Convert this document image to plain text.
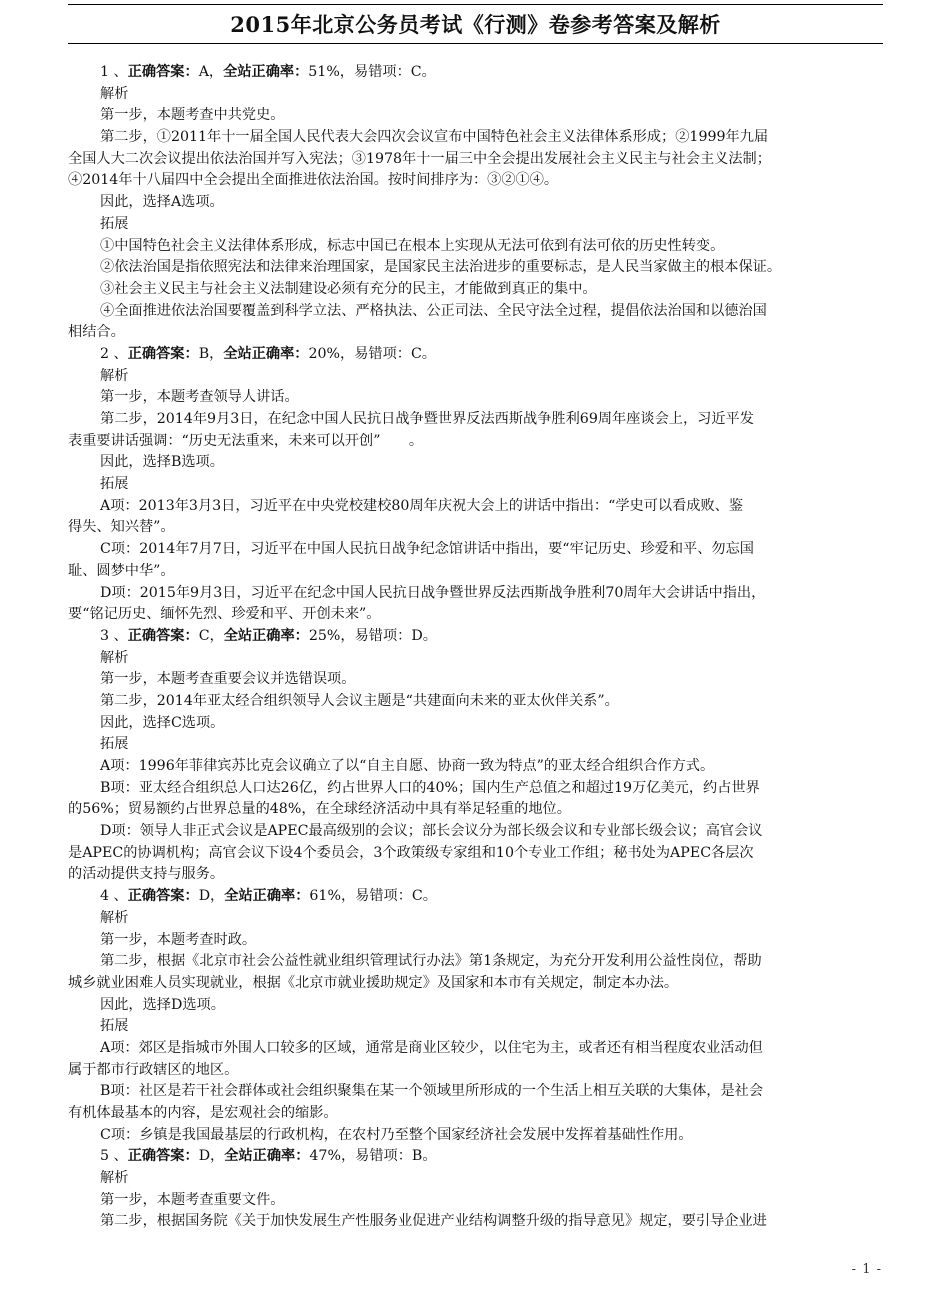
2015年北京公务员考试《行测》卷参考答案及解析
1 、正确答案：A，全站正确率：51%，易错项：C。
解析
第一步，本题考查中共党史。
第二步，①2011年十一届全国人民代表大会四次会议宣布中国特色社会主义法律体系形成；②1999年九届
全国人大二次会议提出依法治国并写入宪法；③1978年十一届三中全会提出发展社会主义民主与社会主义法制；
④2014年十八届四中全会提出全面推进依法治国。按时间排序为：③②①④。
因此，选择A选项。
拓展
①中国特色社会主义法律体系形成，标志中国已在根本上实现从无法可依到有法可依的历史性转变。
②依法治国是指依照宪法和法律来治理国家，是国家民主法治进步的重要标志，是人民当家做主的根本保证。
③社会主义民主与社会主义法制建设必须有充分的民主，才能做到真正的集中。
④全面推进依法治国要覆盖到科学立法、严格执法、公正司法、全民守法全过程，提倡依法治国和以德治国
相结合。
2 、正确答案：B，全站正确率：20%，易错项：C。
解析
第一步，本题考查领导人讲话。
第二步，2014年9月3日，在纪念中国人民抗日战争暨世界反法西斯战争胜利69周年座谈会上，习近平发
表重要讲话强调：“历史无法重来，未来可以开创”　　。
因此，选择B选项。
拓展
A项：2013年3月3日，习近平在中央党校建校80周年庆祝大会上的讲话中指出：“学史可以看成败、鉴
得失、知兴替”。
C项：2014年7月7日，习近平在中国人民抗日战争纪念馆讲话中指出，要“牢记历史、珍爱和平、勿忘国
耻、圆梦中华”。
D项：2015年9月3日，习近平在纪念中国人民抗日战争暨世界反法西斯战争胜利70周年大会讲话中指出，
要“铭记历史、缅怀先烈、珍爱和平、开创未来”。
3 、正确答案：C，全站正确率：25%，易错项：D。
解析
第一步，本题考查重要会议并选错误项。
第二步，2014年亚太经合组织领导人会议主题是“共建面向未来的亚太伙伴关系”。
因此，选择C选项。
拓展
A项：1996年菲律宾苏比克会议确立了以“自主自愿、协商一致为特点”的亚太经合组织合作方式。
B项：亚太经合组织总人口达26亿，约占世界人口的40%；国内生产总值之和超过19万亿美元，约占世界
的56%；贸易额约占世界总量的48%，在全球经济活动中具有举足轻重的地位。
D项：领导人非正式会议是APEC最高级别的会议；部长会议分为部长级会议和专业部长级会议；高官会议
是APEC的协调机构；高官会议下设4个委员会，3个政策级专家组和10个专业工作组；秘书处为APEC各层次
的活动提供支持与服务。
4 、正确答案：D，全站正确率：61%，易错项：C。
解析
第一步，本题考查时政。
第二步，根据《北京市社会公益性就业组织管理试行办法》第1条规定，为充分开发利用公益性岗位，帮助
城乡就业困难人员实现就业，根据《北京市就业援助规定》及国家和本市有关规定，制定本办法。
因此，选择D选项。
拓展
A项：郊区是指城市外围人口较多的区域，通常是商业区较少，以住宅为主，或者还有相当程度农业活动但
属于都市行政辖区的地区。
B项：社区是若干社会群体或社会组织聚集在某一个领域里所形成的一个生活上相互关联的大集体，是社会
有机体最基本的内容，是宏观社会的缩影。
C项：乡镇是我国最基层的行政机构，在农村乃至整个国家经济社会发展中发挥着基础性作用。
5 、正确答案：D，全站正确率：47%，易错项：B。
解析
第一步，本题考查重要文件。
第二步，根据国务院《关于加快发展生产性服务业促进产业结构调整升级的指导意见》规定，要引导企业进
- 1 -
